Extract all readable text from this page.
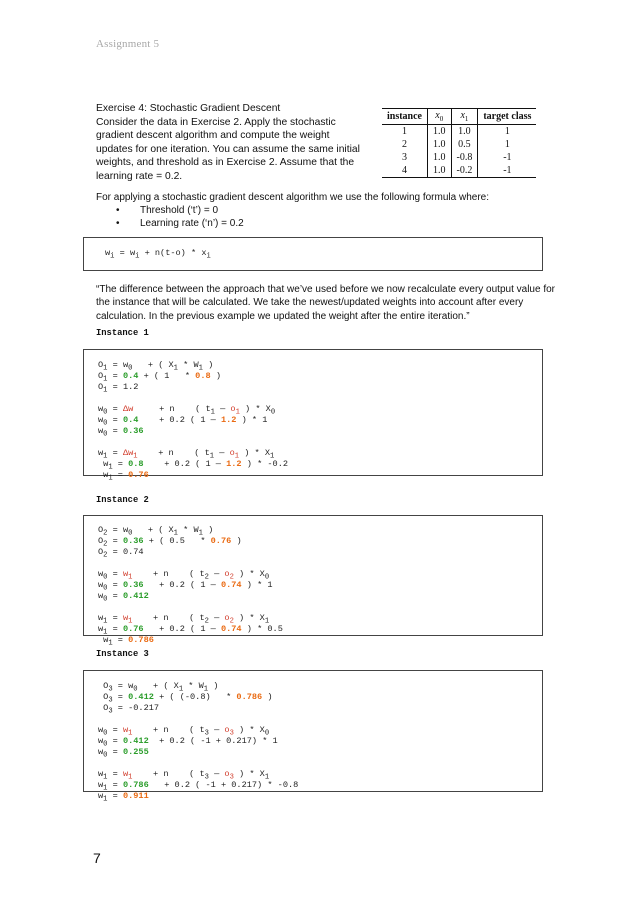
Assignment 5
Exercise 4: Stochastic Gradient Descent
Consider the data in Exercise 2. Apply the stochastic
gradient descent algorithm and compute the weight
updates for one iteration. You can assume the same initial
weights, and threshold as in Exercise 2. Assume that the
learning rate = 0.2.
instance	$x_0$	$x_1$	target class
1	1.0	1.0	1
2	1.0	0.5	1
3	1.0	-0.8	-1
4	1.0	-0.2	-1
For applying a stochastic gradient descent algorithm we use the following formula where:
• Threshold (‘t’) = 0
• Learning rate (‘n’) = 0.2
$w_i = w_i + n(t-o) * x_i$
“The difference between the approach that we’ve used before we now recalculate every output value for
the instance that will be calculated. We take the newest/updated weights into account after every
calculation. In the previous example we updated the weight after the entire iteration.”
Instance 1
$O_1 = w_0$   + ( $X_1 * W_1$ )
$O_1 = 0.4$ + ( 1   * 0.8 )
$O_1 = 1.2$
$w_0 = \Delta w$     + n    ( $t_1$ — $o_1$ ) * $X_0$
$w_0 = 0.4$    + 0.2 ( 1 — 1.2 ) * 1
$w_0 = 0.36$
$w_1 = \Delta w_1$    + n    ( $t_1$ — $o_1$ ) * $X_1$
$w_1 = 0.8$    + 0.2 ( 1 — 1.2 ) * -0.2
$w_1 = 0.76$
Instance 2
$O_2 = w_0$   + ( $X_1 * W_1$ )
$O_2 = 0.36$ + ( 0.5   * 0.76 )
$O_2 = 0.74$
$w_0 = w_1$    + n    ( $t_2$ — $o_2$ ) * $X_0$
$w_0 = 0.36 + 0.2$ ( 1 — 0.74 ) * 1
$w_0 = 0.412$
$w_1 = w_1$    + n    ( $t_2$ — $o_2$ ) * $X_1$
$w_1 = 0.76 + 0.2$ ( 1 — 0.74 ) * 0.5
$w_1 = 0.786$
Instance 3
$O_3 = w_0$   + ( $X_1 * W_1$ )
$O_3 = 0.412$ + ( (-0.8)   * 0.786 )
$O_3 = -0.217$
$w_0 = w_1$    + n    ( $t_3$ — $o_3$ ) * $X_0$
$w_0 = 0.412 + 0.2$ ( -1 + 0.217) * 1
$w_0 = 0.255$
$w_1 = w_1$    + n    ( $t_3$ — $o_3$ ) * $X_1$
$w_1 = 0.786 + 0.2$ ( -1 + 0.217) * -0.8
$w_1 = 0.911$
7
